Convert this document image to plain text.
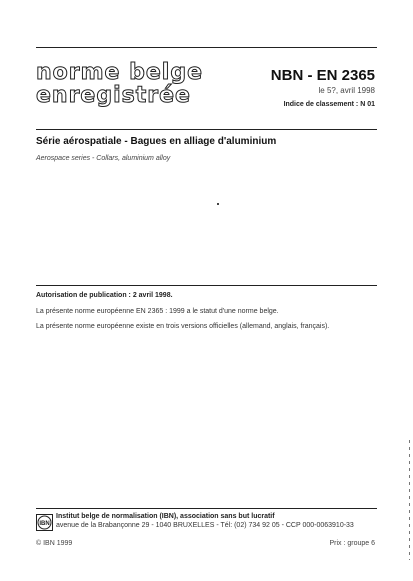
norme belge
enregistrée
NBN - EN 2365
le 5?, avril 1998
Indice de classement : N 01
Série aérospatiale - Bagues en alliage d'aluminium
Aerospace series - Collars, aluminium alloy
Autorisation de publication : 2 avril 1998.
La présente norme européenne EN 2365 : 1999 a le statut d'une norme belge.
La présente norme européenne existe en trois versions officielles (allemand, anglais, français).
IBN
Institut belge de normalisation (IBN), association sans but lucratif
avenue de la Brabançonne 29 - 1040 BRUXELLES - Tél: (02) 734 92 05 - CCP 000-0063910-33
© IBN 1999	Prix : groupe 6
